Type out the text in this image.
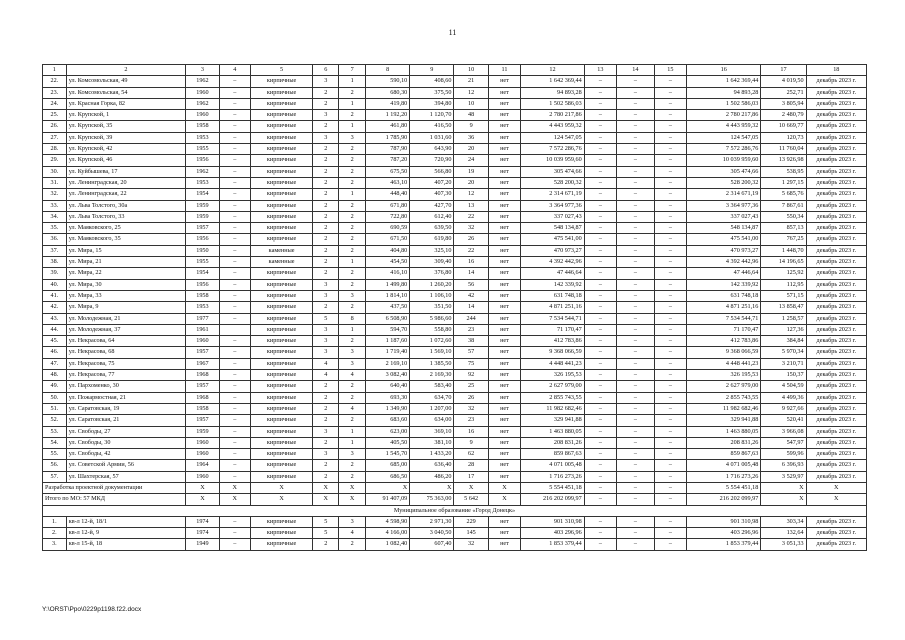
11
1	2	3	4	5	6	7	8	9	10	11	12	13	14	15	16	17	18
22.	ул. Комсомольская, 49	1962	–	кирпичные	3	1	590,10	408,60	21	нет	1 642 369,44	–	–	–	1 642 369,44	4 019,50	декабрь 2023 г.
23.	ул. Комсомольская, 54	1960	–	кирпичные	2	2	680,30	375,50	12	нет	94 893,28	–	–	–	94 893,28	252,71	декабрь 2023 г.
24.	ул. Красная Горка, 82	1962	–	кирпичные	2	1	419,80	394,80	10	нет	1 502 586,03	–	–	–	1 502 586,03	3 805,94	декабрь 2023 г.
25.	ул. Крупской, 1	1960	–	кирпичные	3	2	1 192,20	1 120,70	48	нет	2 780 217,86	–	–	–	2 780 217,86	2 480,79	декабрь 2023 г.
26.	ул. Крупской, 35	1958	–	кирпичные	2	1	461,80	416,50	9	нет	4 443 959,32	–	–	–	4 443 959,32	10 669,77	декабрь 2023 г.
27.	ул. Крупской, 39	1953	–	кирпичные	3	3	1 785,90	1 031,60	36	нет	124 547,05	–	–	–	124 547,05	120,73	декабрь 2023 г.
28.	ул. Крупской, 42	1955	–	кирпичные	2	2	787,90	643,90	20	нет	7 572 286,76	–	–	–	7 572 286,76	11 760,04	декабрь 2023 г.
29.	ул. Крупской, 46	1956	–	кирпичные	2	2	787,20	720,90	24	нет	10 039 959,60	–	–	–	10 039 959,60	13 926,98	декабрь 2023 г.
30.	ул. Куйбышева, 17	1962	–	кирпичные	2	2	675,50	566,80	19	нет	305 474,66	–	–	–	305 474,66	538,95	декабрь 2023 г.
31.	ул. Ленинградская, 20	1953	–	кирпичные	2	2	463,10	407,20	20	нет	528 200,32	–	–	–	528 200,32	1 297,15	декабрь 2023 г.
32.	ул. Ленинградская, 22	1954	–	кирпичные	2	1	448,40	407,30	12	нет	2 314 671,19	–	–	–	2 314 671,19	5 685,76	декабрь 2023 г.
33.	ул. Льва Толстого, 30а	1959	–	кирпичные	2	2	671,80	427,70	13	нет	3 364 977,36	–	–	–	3 364 977,36	7 867,61	декабрь 2023 г.
34.	ул. Льва Толстого, 33	1959	–	кирпичные	2	2	722,80	612,40	22	нет	337 027,43	–	–	–	337 027,43	550,34	декабрь 2023 г.
35.	ул. Маяковского, 25	1957	–	кирпичные	2	2	690,59	639,50	32	нет	548 134,87	–	–	–	548 134,87	857,13	декабрь 2023 г.
36.	ул. Маяковского, 35	1956	–	кирпичные	2	2	671,50	619,80	26	нет	475 541,00	–	–	–	475 541,00	767,25	декабрь 2023 г.
37.	ул. Мира, 15	1950	–	каменные	2	2	404,80	325,10	22	нет	470 973,27	–	–	–	470 973,27	1 448,70	декабрь 2023 г.
38.	ул. Мира, 21	1955	–	каменные	2	1	454,50	309,40	16	нет	4 392 442,96	–	–	–	4 392 442,96	14 196,65	декабрь 2023 г.
39.	ул. Мира, 22	1954	–	кирпичные	2	2	416,10	376,80	14	нет	47 446,64	–	–	–	47 446,64	125,92	декабрь 2023 г.
40.	ул. Мира, 30	1956	–	кирпичные	3	2	1 499,80	1 260,20	56	нет	142 339,92	–	–	–	142 339,92	112,95	декабрь 2023 г.
41.	ул. Мира, 33	1958	–	кирпичные	3	3	1 814,10	1 106,10	42	нет	631 748,18	–	–	–	631 748,18	571,15	декабрь 2023 г.
42.	ул. Мира, 9	1953	–	кирпичные	2	2	437,50	351,50	14	нет	4 871 251,16	–	–	–	4 871 251,16	13 858,47	декабрь 2023 г.
43.	ул. Молодежная, 21	1977	–	кирпичные	5	8	6 508,90	5 986,60	244	нет	7 534 544,71	–	–	–	7 534 544,71	1 258,57	декабрь 2023 г.
44.	ул. Молодежная, 37	1961		кирпичные	3	1	594,70	558,80	23	нет	71 170,47	–	–	–	71 170,47	127,36	декабрь 2023 г.
45.	ул. Некрасова, 64	1960	–	кирпичные	3	2	1 187,60	1 072,60	38	нет	412 783,86	–	–	–	412 783,86	384,84	декабрь 2023 г.
46.	ул. Некрасова, 68	1957	–	кирпичные	3	3	1 719,40	1 569,10	57	нет	9 368 066,59	–	–	–	9 368 066,59	5 970,34	декабрь 2023 г.
47.	ул. Некрасова, 75	1967	–	кирпичные	4	3	2 169,10	1 385,50	75	нет	4 448 441,23	–	–	–	4 448 441,23	3 210,71	декабрь 2023 г.
48.	ул. Некрасова, 77	1968	–	кирпичные	4	4	3 082,40	2 169,30	92	нет	326 195,53	–	–	–	326 195,53	150,37	декабрь 2023 г.
49.	ул. Пархоменко, 30	1957	–	кирпичные	2	2	640,40	583,40	25	нет	2 627 979,00	–	–	–	2 627 979,00	4 504,59	декабрь 2023 г.
50.	ул. Пожармостная, 21	1968	–	кирпичные	2	2	693,30	634,70	26	нет	2 855 743,55	–	–	–	2 855 743,55	4 499,36	декабрь 2023 г.
51.	ул. Саратовская, 19	1958	–	кирпичные	2	4	1 349,90	1 207,00	32	нет	11 982 682,46	–	–	–	11 982 682,46	9 927,66	декабрь 2023 г.
52.	ул. Саратовская, 21	1957	–	кирпичные	2	2	683,60	634,00	23	нет	329 941,88	–	–	–	329 941,88	520,41	декабрь 2023 г.
53.	ул. Свободы, 27	1959	–	кирпичные	3	1	623,00	369,10	16	нет	1 463 880,05	–	–	–	1 463 880,05	3 966,08	декабрь 2023 г.
54.	ул. Свободы, 30	1960	–	кирпичные	2	1	405,50	381,10	9	нет	208 831,26	–	–	–	208 831,26	547,97	декабрь 2023 г.
55.	ул. Свободы, 42	1960	–	кирпичные	3	3	1 545,70	1 433,20	62	нет	859 867,63	–	–	–	859 867,63	599,96	декабрь 2023 г.
56.	ул. Советской Армии, 56	1964	–	кирпичные	2	2	685,00	636,40	28	нет	4 071 005,48	–	–	–	4 071 005,48	6 396,93	декабрь 2023 г.
57.	ул. Шахтерская, 57	1960	–	кирпичные	2	2	686,50	486,20	17	нет	1 716 273,26	–	–	–	1 716 273,26	3 529,97	декабрь 2023 г.
Разработка проектной документации		X	X	X	X	X	X	X	X	X	5 554 451,18	–	–	–	5 554 451,18	X	X
Итого по МО: 57 МКД		X	X	X	X	X	91 407,09	75 363,00	5 642	X	216 202 099,97	–	–	–	216 202 099,97	X	X
Муниципальное образование «Город Донецк»																	
1.	кв-л 12-й, 18/1	1974	–	кирпичные	5	3	4 598,90	2 971,30	229	нет	901 310,98	–	–	–	901 310,98	303,34	декабрь 2023 г.
2.	кв-л 12-й, 9	1974	–	кирпичные	5	4	4 166,00	3 040,50	145	нет	403 296,96	–	–	–	403 296,96	132,64	декабрь 2023 г.
3.	кв-л 15-й, 18	1949	–	кирпичные	2	2	1 082,40	607,40	32	нет	1 853 379,44	–	–	–	1 853 379,44	3 051,33	декабрь 2023 г.
Y:\ORST\Ppo\0229p1198.f22.docx
